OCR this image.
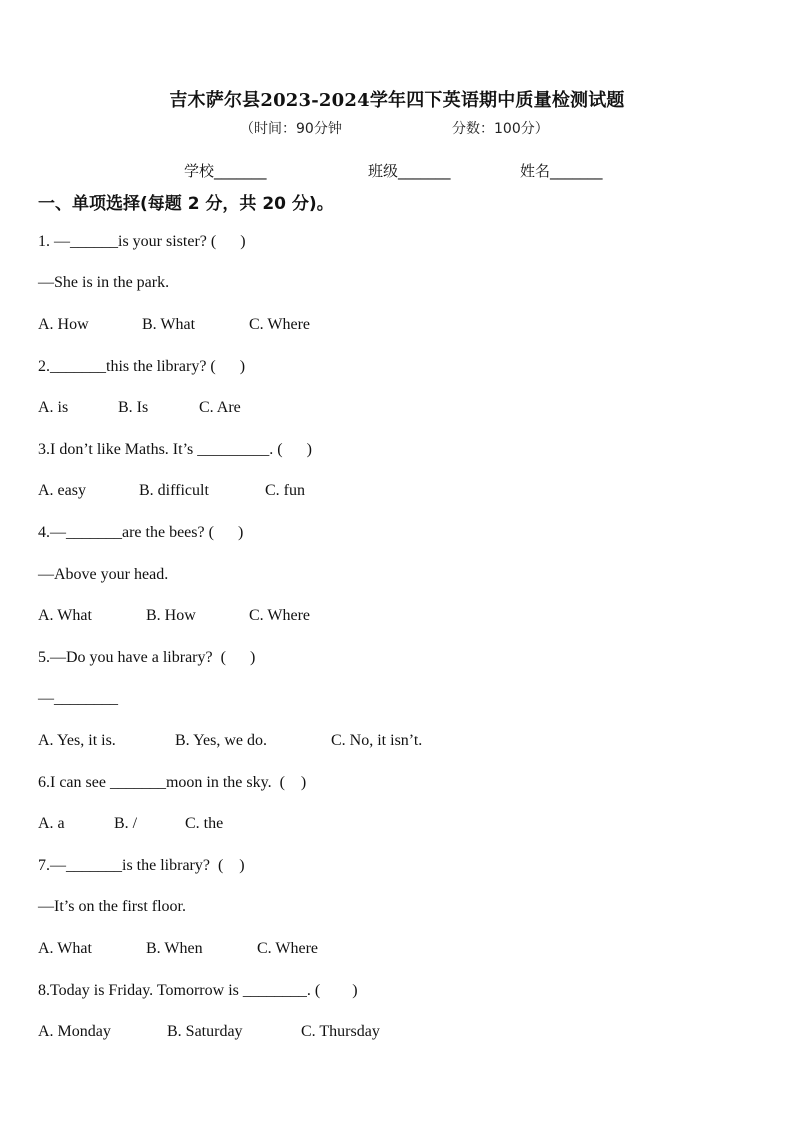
吉木萨尔县2023-2024学年四下英语期中质量检测试题
（时间：90分钟	分数：100分）
学校_______	班级_______	姓名_______
一、单项选择(每题 2 分，共 20 分)。
1. —______is your sister? (      )
—She is in the park.
A. How	B. What	C. Where
2._______this the library? (      )
A. is	B. Is	C. Are
3.I don’t like Maths. It’s _________. (      )
A. easy	B. difficult	C. fun
4.—_______are the bees? (      )
—Above your head.
A. What	B. How	C. Where
5.—Do you have a library?  (      )
—________
A. Yes, it is.	B. Yes, we do.	C. No, it isn’t.
6.I can see _______moon in the sky.  (    )
A. a	B. /	C. the
7.—_______is the library?  (    )
—It’s on the first floor.
A. What	B. When	C. Where
8.Today is Friday. Tomorrow is ________. (        )
A. Monday	B. Saturday	C. Thursday
